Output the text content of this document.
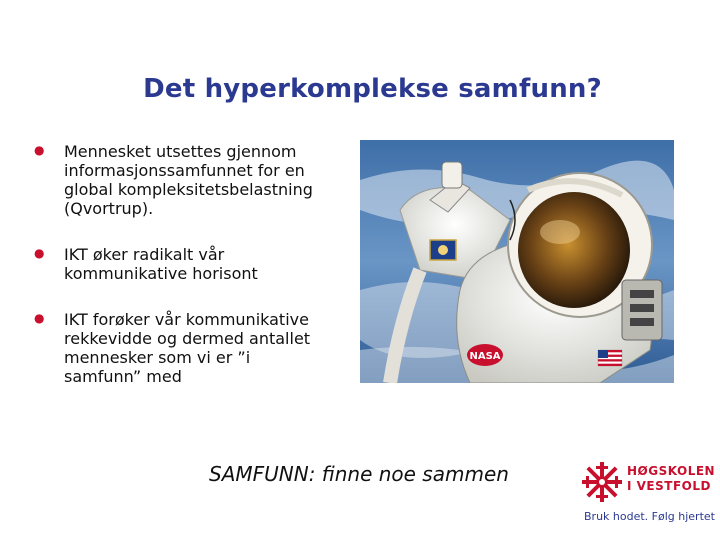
Det hyperkomplekse samfunn?
● Mennesket utsettes gjennom informasjonssamfunnet for en global kompleksitetsbelastning (Qvortrup).
● IKT øker radikalt vår kommunikative horisont
● IKT forøker vår kommunikative rekkevidde og dermed antallet mennesker som vi er ”i samfunn” med
NASA
SAMFUNN: finne noe sammen	HØGSKOLEN
I VESTFOLD
Bruk hodet. Følg hjertet
